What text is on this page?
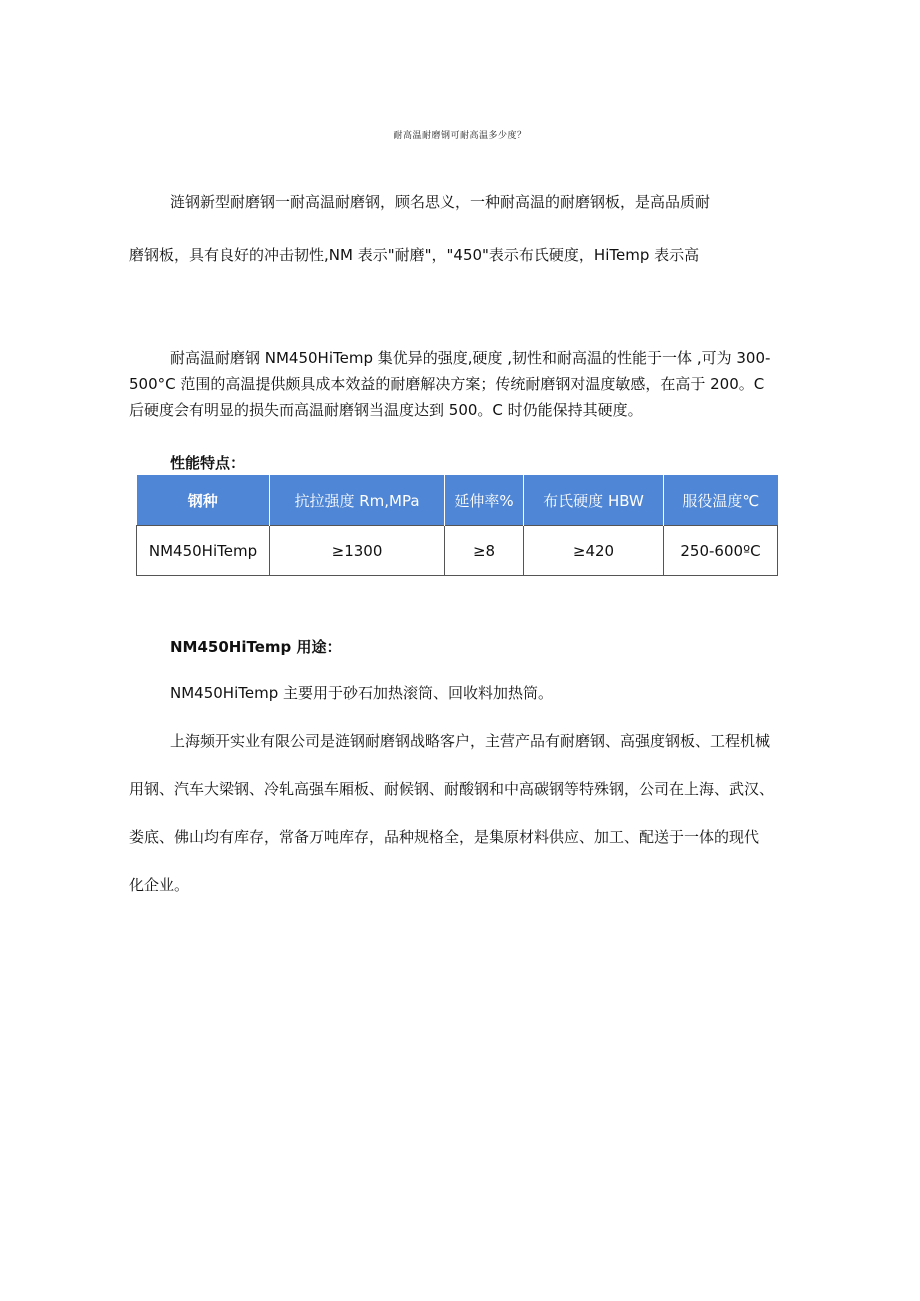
耐高温耐磨钢可耐高温多少度？
涟钢新型耐磨钢一耐高温耐磨钢，顾名思义，一种耐高温的耐磨钢板，是高品质耐
磨钢板，具有良好的冲击韧性,NM 表示"耐磨"，"450"表示布氏硬度，HiTemp 表示高
耐高温耐磨钢 NM450HiTemp 集优异的强度,硬度 ,韧性和耐高温的性能于一体 ,可为 300-
500°C 范围的高温提供颇具成本效益的耐磨解决方案；传统耐磨钢对温度敏感，在高于 200。C
后硬度会有明显的损失而高温耐磨钢当温度达到 500。C 时仍能保持其硬度。
性能特点：
钢种	抗拉强度 Rm,MPa	延伸率%	布氏硬度 HBW	服役温度℃
NM450HiTemp	≥1300	≥8	≥420	250-600ºC
NM450HiTemp 用途：
NM450HiTemp 主要用于砂石加热滚筒、回收料加热筒。
上海频开实业有限公司是涟钢耐磨钢战略客户，主营产品有耐磨钢、高强度钢板、工程机械
用钢、汽车大梁钢、冷轧高强车厢板、耐候钢、耐酸钢和中高碳钢等特殊钢，公司在上海、武汉、
娄底、佛山均有库存，常备万吨库存，品种规格全，是集原材料供应、加工、配送于一体的现代
化企业。
